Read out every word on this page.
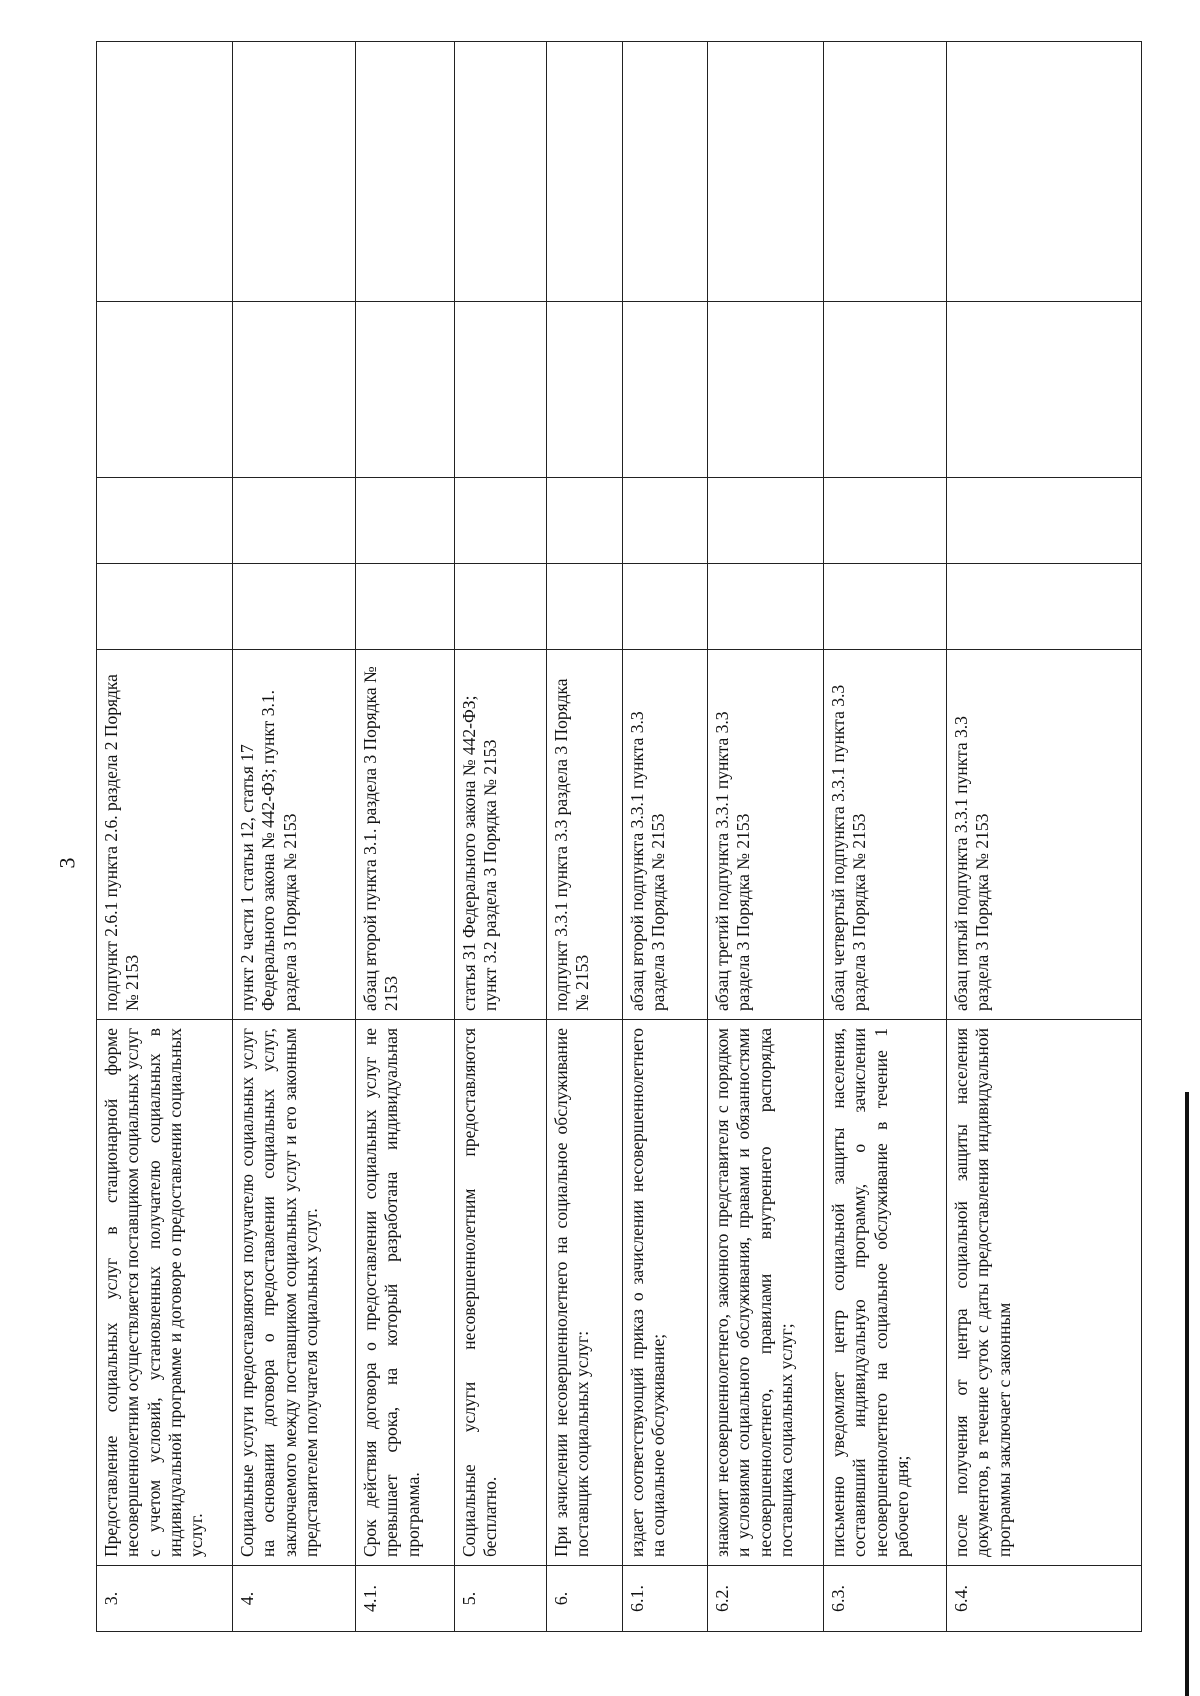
3
3.	Предоставление социальных услуг в стационарной форме несовершеннолетним осуществляется поставщиком социальных услуг с учетом условий, установленных получателю социальных в индивидуальной программе и договоре о предоставлении социальных услуг.	подпункт 2.6.1 пункта 2.6. раздела 2 Порядка № 2153				
4.	Социальные услуги предоставляются получателю социальных услуг на основании договора о предоставлении социальных услуг, заключаемого между поставщиком социальных услуг и его законным представителем получателя социальных услуг.	пункт 2 части 1 статьи 12, статья 17 Федерального закона № 442-ФЗ; пункт 3.1. раздела 3 Порядка № 2153				
4.1.	Срок действия договора о предоставлении социальных услуг не превышает срока, на который разработана индивидуальная программа.	абзац второй пункта 3.1. раздела 3 Порядка № 2153				
5.	Социальные услуги несовершеннолетним предоставляются бесплатно.	статья 31 Федерального закона № 442-ФЗ; пункт 3.2 раздела 3 Порядка № 2153				
6.	При зачислении несовершеннолетнего на социальное обслуживание поставщик социальных услуг:	подпункт 3.3.1 пункта 3.3 раздела 3 Порядка № 2153				
6.1.	издает соответствующий приказ о зачислении несовершеннолетнего на социальное обслуживание;	абзац второй подпункта 3.3.1 пункта 3.3 раздела 3 Порядка № 2153				
6.2.	знакомит несовершеннолетнего, законного представителя с порядком и условиями социального обслуживания, правами и обязанностями несовершеннолетнего, правилами внутреннего распорядка поставщика социальных услуг;	абзац третий подпункта 3.3.1 пункта 3.3 раздела 3 Порядка № 2153				
6.3.	письменно уведомляет центр социальной защиты населения, составивший индивидуальную программу, о зачислении несовершеннолетнего на социальное обслуживание в течение 1 рабочего дня;	абзац четвертый подпункта 3.3.1 пункта 3.3 раздела 3 Порядка № 2153				
6.4.	после получения от центра социальной защиты населения документов, в течение суток с даты предоставления индивидуальной программы заключает с законным	абзац пятый подпункта 3.3.1 пункта 3.3 раздела 3 Порядка № 2153				
